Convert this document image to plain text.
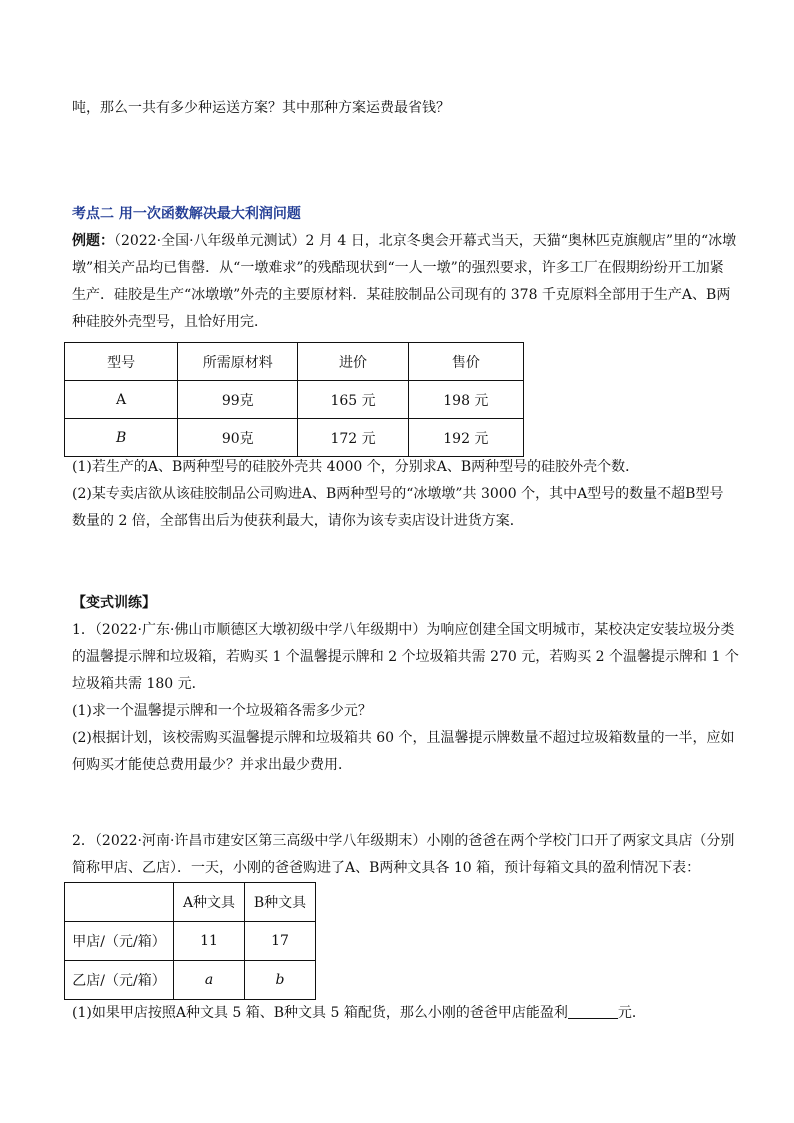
吨，那么一共有多少种运送方案？其中那种方案运费最省钱？
考点二 用一次函数解决最大利润问题
例题：（2022·全国·八年级单元测试）2 月 4 日，北京冬奥会开幕式当天，天猫“奥林匹克旗舰店”里的“冰墩
墩”相关产品均已售罄．从“一墩难求”的残酷现状到“一人一墩”的强烈要求，许多工厂在假期纷纷开工加紧
生产．硅胶是生产“冰墩墩”外壳的主要原材料．某硅胶制品公司现有的 378 千克原料全部用于生产A、B两
种硅胶外壳型号，且恰好用完．
型号	所需原材料	进价	售价
A	99克	165 元	198 元
B	90克	172 元	192 元
(1)若生产的A、B两种型号的硅胶外壳共 4000 个，分别求A、B两种型号的硅胶外壳个数．
(2)某专卖店欲从该硅胶制品公司购进A、B两种型号的“冰墩墩”共 3000 个，其中A型号的数量不超B型号
数量的 2 倍，全部售出后为使获利最大，请你为该专卖店设计进货方案．
【变式训练】
1．（2022·广东·佛山市顺德区大墩初级中学八年级期中）为响应创建全国文明城市，某校决定安装垃圾分类
的温馨提示牌和垃圾箱，若购买 1 个温馨提示牌和 2 个垃圾箱共需 270 元，若购买 2 个温馨提示牌和 1 个
垃圾箱共需 180 元．
(1)求一个温馨提示牌和一个垃圾箱各需多少元？
(2)根据计划，该校需购买温馨提示牌和垃圾箱共 60 个，且温馨提示牌数量不超过垃圾箱数量的一半，应如
何购买才能使总费用最少？并求出最少费用．
2．（2022·河南·许昌市建安区第三高级中学八年级期末）小刚的爸爸在两个学校门口开了两家文具店（分别
简称甲店、乙店）．一天，小刚的爸爸购进了A、B两种文具各 10 箱，预计每箱文具的盈利情况下表：
	A种文具	B种文具
甲店/（元/箱）	11	17
乙店/（元/箱）	a	b
(1)如果甲店按照A种文具 5 箱、B种文具 5 箱配货，那么小刚的爸爸甲店能盈利	元．
